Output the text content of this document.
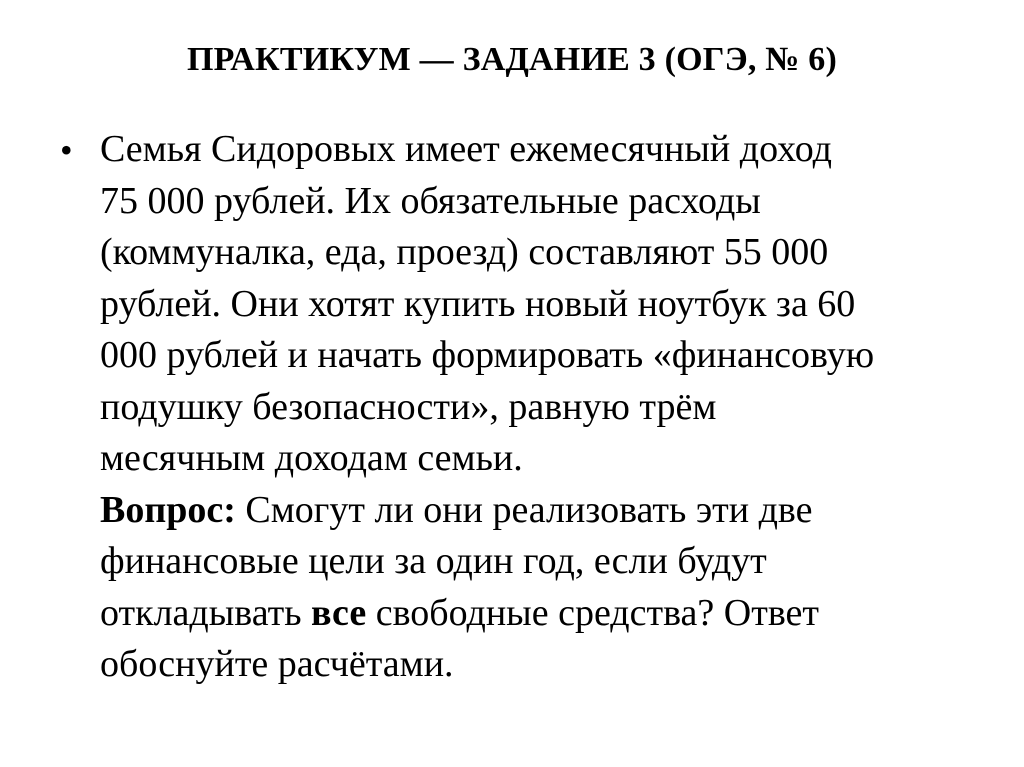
ПРАКТИКУМ — ЗАДАНИЕ 3 (ОГЭ, № 6)
• Семья Сидоровых имеет ежемесячный доход
75 000 рублей. Их обязательные расходы
(коммуналка, еда, проезд) составляют 55 000
рублей. Они хотят купить новый ноутбук за 60
000 рублей и начать формировать «финансовую
подушку безопасности», равную трём
месячным доходам семьи.
Вопрос: Смогут ли они реализовать эти две
финансовые цели за один год, если будут
откладывать все свободные средства? Ответ
обоснуйте расчётами.
